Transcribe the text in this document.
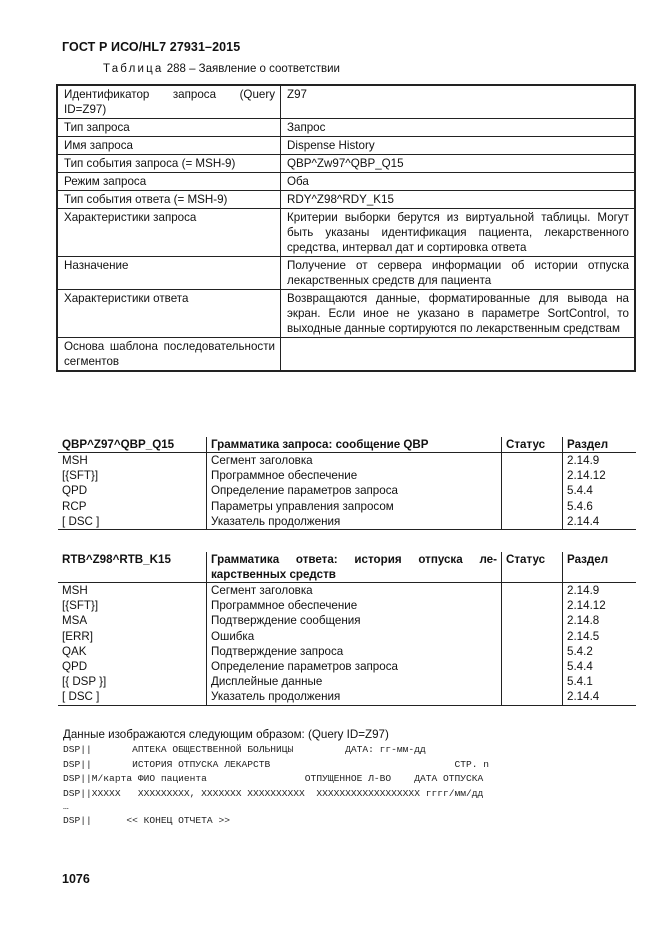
ГОСТ Р ИСО/HL7 27931–2015
Таблица 288 – Заявление о соответствии
Идентификатор запроса (Query ID=Z97)	Z97
Тип запроса	Запрос
Имя запроса	Dispense History
Тип события запроса (= MSH-9)	QBP^Zw97^QBP_Q15
Режим запроса	Оба
Тип события ответа (= MSH-9)	RDY^Z98^RDY_K15
Характеристики запроса	Критерии выборки берутся из виртуальной таблицы. Могут быть указаны идентификация пациента, лекарственного средства, интервал дат и сортировка ответа
Назначение	Получение от сервера информации об истории отпуска лекарственных средств для пациента
Характеристики ответа	Возвращаются данные, форматированные для вывода на экран. Если иное не указано в параметре SortControl, то выходные данные сортируются по лекарственным средствам
Основа шаблона последовательности сегментов	
QBP^Z97^QBP_Q15	Грамматика запроса: сообщение QBP	Статус	Раздел
MSH	Сегмент заголовка		2.14.9
[{SFT}]	Программное обеспечение		2.14.12
QPD	Определение параметров запроса		5.4.4
RCP	Параметры управления запросом		5.4.6
[ DSC ]	Указатель продолжения		2.14.4
RTB^Z98^RTB_K15	Грамматика ответа: история отпуска лекарственных средств	Статус	Раздел
MSH	Сегмент заголовка		2.14.9
[{SFT}]	Программное обеспечение		2.14.12
MSA	Подтверждение сообщения		2.14.8
[ERR]	Ошибка		2.14.5
QAK	Подтверждение запроса		5.4.2
QPD	Определение параметров запроса		5.4.4
[{ DSP }]	Дисплейные данные		5.4.1
[ DSC ]	Указатель продолжения		2.14.4
Данные изображаются следующим образом: (Query ID=Z97)
DSP||       АПТЕКА ОБЩЕСТВЕННОЙ БОЛЬНИЦЫ         ДАТА: гг-мм-дд
DSP||       ИСТОРИЯ ОТПУСКА ЛЕКАРСТВ                                СТР. n
DSP||М/карта ФИО пациента                 ОТПУЩЕННОЕ Л-ВО    ДАТА ОТПУСКА
DSP||XXXXX   XXXXXXXXX, XXXXXXX XXXXXXXXXX  XXXXXXXXXXXXXXXXXX гггг/мм/дд
…
DSP||      << КОНЕЦ ОТЧЕТА >>
1076
